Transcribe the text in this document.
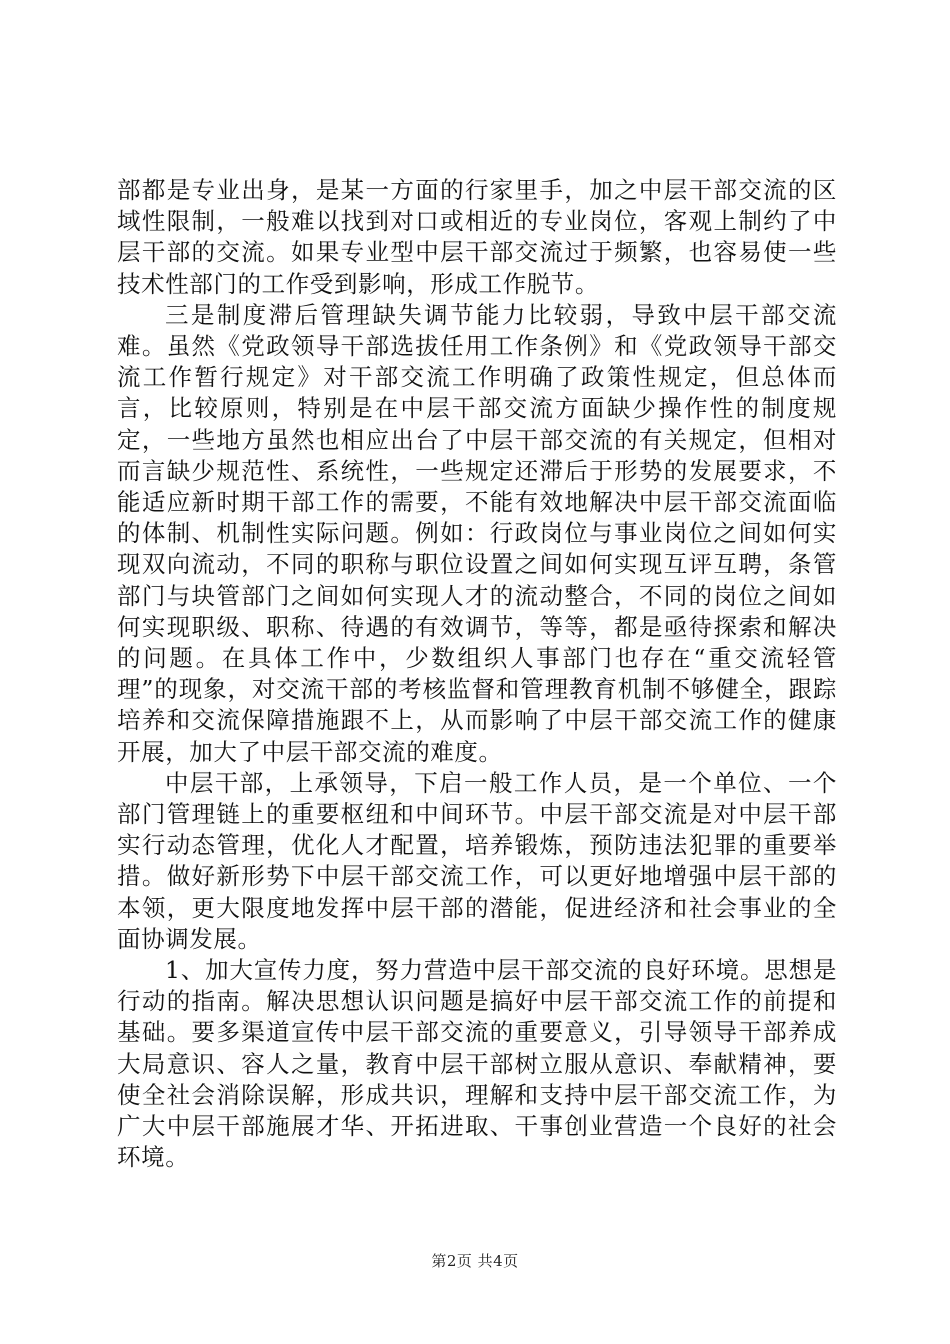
部都是专业出身，是某一方面的行家里手，加之中层干部交流的区域性限制，一般难以找到对口或相近的专业岗位，客观上制约了中层干部的交流。如果专业型中层干部交流过于频繁，也容易使一些技术性部门的工作受到影响，形成工作脱节。

三是制度滞后管理缺失调节能力比较弱，导致中层干部交流难。虽然《党政领导干部选拔任用工作条例》和《党政领导干部交流工作暂行规定》对干部交流工作明确了政策性规定，但总体而言，比较原则，特别是在中层干部交流方面缺少操作性的制度规定，一些地方虽然也相应出台了中层干部交流的有关规定，但相对而言缺少规范性、系统性，一些规定还滞后于形势的发展要求，不能适应新时期干部工作的需要，不能有效地解决中层干部交流面临的体制、机制性实际问题。例如：行政岗位与事业岗位之间如何实现双向流动，不同的职称与职位设置之间如何实现互评互聘，条管部门与块管部门之间如何实现人才的流动整合，不同的岗位之间如何实现职级、职称、待遇的有效调节，等等，都是亟待探索和解决的问题。在具体工作中，少数组织人事部门也存在“重交流轻管理”的现象，对交流干部的考核监督和管理教育机制不够健全，跟踪培养和交流保障措施跟不上，从而影响了中层干部交流工作的健康开展，加大了中层干部交流的难度。

中层干部，上承领导，下启一般工作人员，是一个单位、一个部门管理链上的重要枢纽和中间环节。中层干部交流是对中层干部实行动态管理，优化人才配置，培养锻炼，预防违法犯罪的重要举措。做好新形势下中层干部交流工作，可以更好地增强中层干部的本领，更大限度地发挥中层干部的潜能，促进经济和社会事业的全面协调发展。

1、加大宣传力度，努力营造中层干部交流的良好环境。思想是行动的指南。解决思想认识问题是搞好中层干部交流工作的前提和基础。要多渠道宣传中层干部交流的重要意义，引导领导干部养成大局意识、容人之量，教育中层干部树立服从意识、奉献精神，要使全社会消除误解，形成共识，理解和支持中层干部交流工作，为广大中层干部施展才华、开拓进取、干事创业营造一个良好的社会环境。

第2页 共4页
